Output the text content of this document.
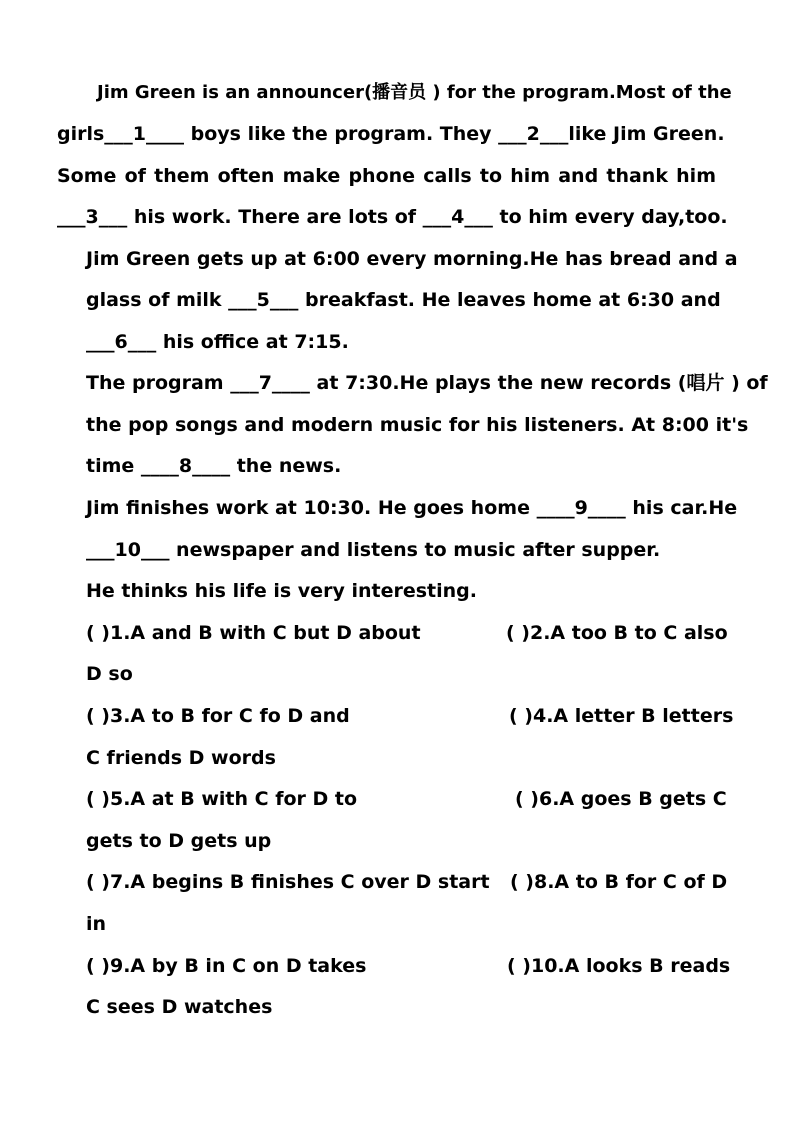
Jim Green is an announcer(播音员 ) for the program.Most of the
girls___1____ boys like the program. They ___2___like Jim Green.
Some of them often make phone calls to him and thank him
___3___ his work. There are lots of ___4___ to him every day,too.
Jim Green gets up at 6:00 every morning.He has bread and a
glass of milk ___5___ breakfast. He leaves home at 6:30 and
___6___ his office at 7:15.
The program ___7____ at 7:30.He plays the new records (唱片 ) of
the pop songs and modern music for his listeners. At 8:00 it's
time ____8____ the news.
Jim finishes work at 10:30. He goes home ____9____ his car.He
___10___ newspaper and listens to music after supper.
He thinks his life is very interesting.
( )1.A and B with C but D about	( )2.A too B to C also
D so
( )3.A to B for C fo D and	( )4.A letter B letters
C friends D words
( )5.A at B with C for D to	( )6.A goes B gets C
gets to D gets up
( )7.A begins B finishes C over D start ( )8.A to B for C of D
in
( )9.A by B in C on D takes	( )10.A looks B reads
C sees D watches
